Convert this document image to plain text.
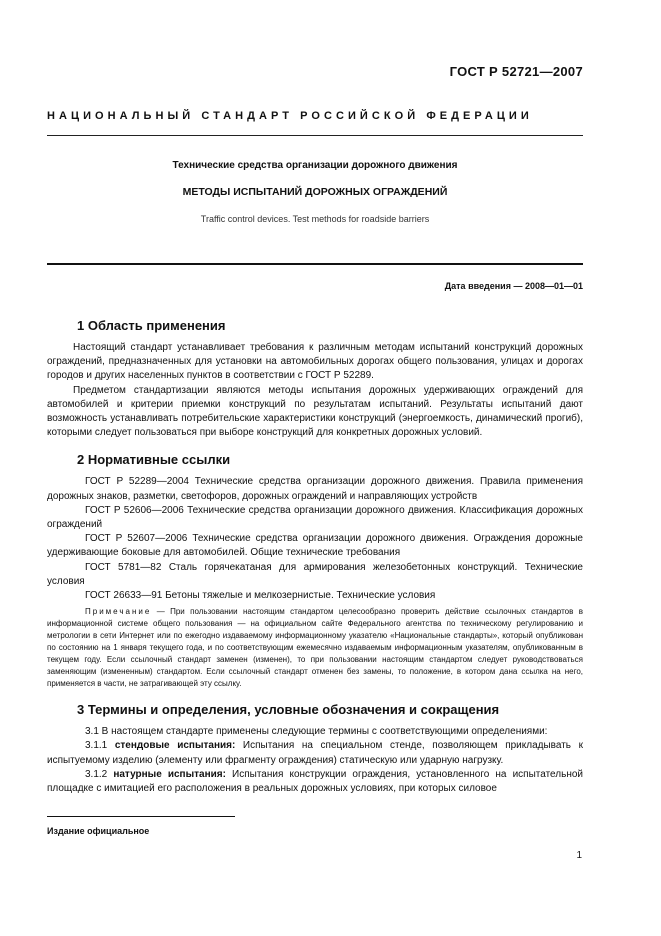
ГОСТ Р 52721—2007
НАЦИОНАЛЬНЫЙ СТАНДАРТ РОССИЙСКОЙ ФЕДЕРАЦИИ
Технические средства организации дорожного движения
МЕТОДЫ ИСПЫТАНИЙ ДОРОЖНЫХ ОГРАЖДЕНИЙ
Traffic control devices. Test methods for roadside barriers
Дата введения — 2008—01—01
1 Область применения

Настоящий стандарт устанавливает требования к различным методам испытаний конструкций дорожных ограждений, предназначенных для установки на автомобильных дорогах общего пользования, улицах и дорогах городов и других населенных пунктов в соответствии с ГОСТ Р 52289.

Предметом стандартизации являются методы испытания дорожных удерживающих ограждений для автомобилей и критерии приемки конструкций по результатам испытаний. Результаты испытаний дают возможность устанавливать потребительские характеристики конструкций (энергоемкость, динамический прогиб), которыми следует пользоваться при выборе конструкций для конкретных дорожных условий.

2 Нормативные ссылки

ГОСТ Р 52289—2004 Технические средства организации дорожного движения. Правила применения дорожных знаков, разметки, светофоров, дорожных ограждений и направляющих устройств

ГОСТ Р 52606—2006 Технические средства организации дорожного движения. Классификация дорожных ограждений

ГОСТ Р 52607—2006 Технические средства организации дорожного движения. Ограждения дорожные удерживающие боковые для автомобилей. Общие технические требования

ГОСТ 5781—82 Сталь горячекатаная для армирования железобетонных конструкций. Технические условия

ГОСТ 26633—91 Бетоны тяжелые и мелкозернистые. Технические условия

Примечание — При пользовании настоящим стандартом целесообразно проверить действие ссылочных стандартов в информационной системе общего пользования — на официальном сайте Федерального агентства по техническому регулированию и метрологии в сети Интернет или по ежегодно издаваемому информационному указателю «Национальные стандарты», который опубликован по состоянию на 1 января текущего года, и по соответствующим ежемесячно издаваемым информационным указателям, опубликованным в текущем году. Если ссылочный стандарт заменен (изменен), то при пользовании настоящим стандартом следует руководствоваться заменяющим (измененным) стандартом. Если ссылочный стандарт отменен без замены, то положение, в котором дана ссылка на него, применяется в части, не затрагивающей эту ссылку.

3 Термины и определения, условные обозначения и сокращения

3.1 В настоящем стандарте применены следующие термины с соответствующими определениями:

3.1.1 стендовые испытания: Испытания на специальном стенде, позволяющем прикладывать к испытуемому изделию (элементу или фрагменту ограждения) статическую или ударную нагрузку.

3.1.2 натурные испытания: Испытания конструкции ограждения, установленного на испытательной площадке с имитацией его расположения в реальных дорожных условиях, при которых силовое

Издание официальное
1
